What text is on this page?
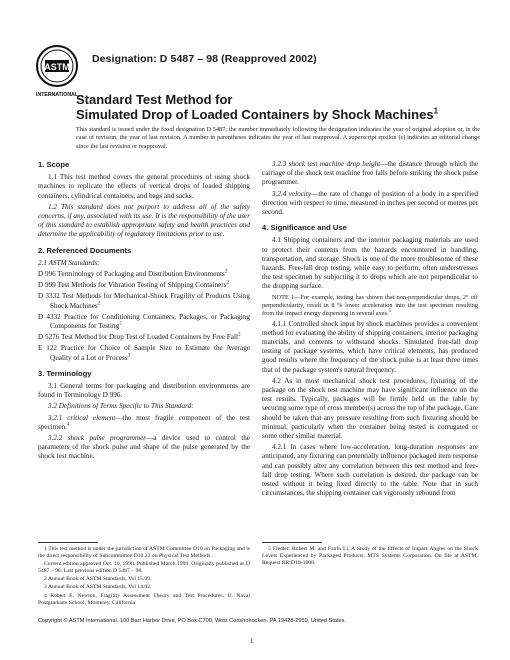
ASTM
INTERNATIONAL
Designation: D 5487 – 98 (Reapproved 2002)
Standard Test Method for
Simulated Drop of Loaded Containers by Shock Machines$^1$
This standard is issued under the fixed designation D 5487; the number immediately following the designation indicates the year of original adoption or, in the case of revision, the year of last revision. A number in parentheses indicates the year of last reapproval. A superscript epsilon (ε) indicates an editorial change since the last revision or reapproval.
1. Scope

1.1 This test method covers the general procedures of using shock machines to replicate the effects of vertical drops of loaded shipping containers, cylindrical containers, and bags and sacks.

1.2 This standard does not purport to address all of the safety concerns, if any, associated with its use. It is the responsibility of the user of this standard to establish appropriate safety and health practices and determine the applicability of regulatory limitations prior to use.

2. Referenced Documents

2.1 ASTM Standards:

D 996 Terminology of Packaging and Distribution Environments$^2$

D 999 Test Methods for Vibration Testing of Shipping Containers$^2$

D 3332 Test Methods for Mechanical-Shock Fragility of Products Using Shock Machines$^2$

D 4332 Practice for Conditioning Containers, Packages, or Packaging Components for Testing$^2$

D 5276 Test Method for Drop Test of Loaded Containers by Free Fall$^2$

E 122 Practice for Choice of Sample Size to Estimate the Average Quality of a Lot or Process$^3$

3. Terminology

3.1 General terms for packaging and distribution environments are found in Terminology D 996.

3.2 Definitions of Terms Specific to This Standard:

3.2.1 critical element—the most fragile component of the test specimen.$^4$

3.2.2 shock pulse programmer—a device used to control the parameters of the shock pulse and shape of the pulse generated by the shock test machine.

3.2.3 shock test machine drop height—the distance through which the carriage of the shock test machine free falls before striking the shock pulse programmer.

3.2.4 velocity—the rate of change of position of a body in a specified direction with respect to time, measured in inches per second or metres per second.

4. Significance and Use

4.1 Shipping containers and the interior packaging materials are used to protect their contents from the hazards encountered in handling, transportation, and storage. Shock is one of the more troublesome of these hazards. Free-fall drop testing, while easy to perform, often understresses the test specimen by subjecting it to drops which are not perpendicular to the dropping surface.

NOTE 1—For example, testing has shown that non-perpendicular drops, 2° off perpendicularity, result in 8 % lower acceleration into the test specimen resulting from the impact energy dispersing in several axes.$^5$

4.1.1 Controlled shock input by shock machines provides a convenient method for evaluating the ability of shipping containers, interior packaging materials, and contents to withstand shocks. Simulated free-fall drop testing of package systems, which have critical elements, has produced good results where the frequency of the shock pulse is at least three times that of the package system's natural frequency.

4.2 As in most mechanical shock test procedures, fixturing of the package on the shock test machine may have significant influence on the test results. Typically, packages will be firmly held on the table by securing some type of cross member(s) across the top of the package. Care should be taken that any pressure resulting from such fixturing should be minimal, particularly when the container being tested is corrugated or some other similar material.

4.2.1 In cases where low-acceleration, long-duration responses are anticipated, any fixturing can potentially influence packaged item response and can possibly alter any correlation between this test method and free-fall drop testing. Where such correlation is desired, the package can be tested without it being fixed directly to the table. Note that in such circumstances, the shipping container can vigorously rebound from

1 This test method is under the jurisdiction of ASTM Committee D10 on Packaging and is the direct responsibility of Subcommittee D10.22 on Physical Test Methods.

Current edition approved Oct. 10, 1998. Published March 1999. Originally published as D 5487 – 98. Last previous edition D 5487 – 98.

2 Annual Book of ASTM Standards, Vol 15.09.

3 Annual Book of ASTM Standards, Vol 14.02.

4 Robert E. Newton, Fragility Assessment Theory and Test Procedures, U. Naval Postgraduate School, Monterey, California.

5 Fiedler, Robert M. and Fanfu Li, A Study of the Effects of Impact Angles on the Shock Levels Experienced by Packaged Products, MTS Systems Corporation. On file at ASTM. Request RR:D10-1008.

Copyright © ASTM International, 100 Barr Harbor Drive, PO Box C700, West Conshohocken, PA 19428-2959, United States.
1
